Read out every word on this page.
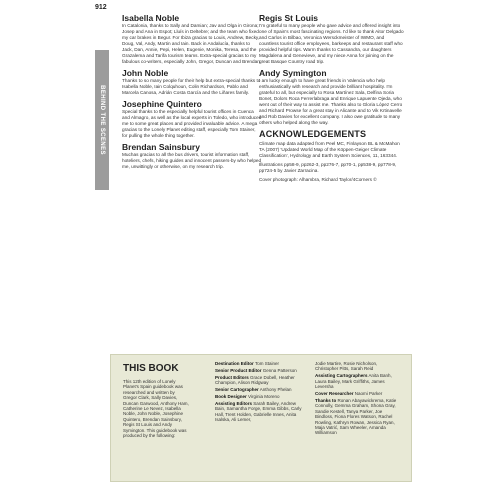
912
BEHIND THE SCENES
Isabella Noble

In Catalonia, thanks to Sally and Damian; Jav and Olga in Girona; Josep and Ana in Espot; Lluís in Deltebre; and the team who fixed my car brakes in Begur. For Ibiza gracias to Louis, Andrew, Becky, Doug, Val, Andy, Martin and Iain. Back in Andalucía, thanks to Jack, Dan, Annie, Pepi, Helen, Eugenie, Monika, Teresa, and the Grazalema and Tarifa tourism teams. Extra-special gracias to my fabulous co-writers, especially John, Gregor, Duncan and Brendan.

John Noble

Thanks to so many people for their help but extra-special thanks to Isabella Noble, Iain Colquhoun, Colin Richardson, Pablo and Marcela Canosa, Adrián Costa García and the Liñares family.

Josephine Quintero

Special thanks to the especially helpful tourist offices in Cuenca and Almagro, as well as the local experts in Toledo, who introduced me to some great places and provided invaluable advice. A mega gracias to the Lonely Planet editing staff, especially Tom Stainer, for pulling the whole thing together.

Brendan Sainsbury

Muchas gracias to all the bus drivers, tourist information staff, hoteliers, chefs, hiking guides and innocent passers-by who helped me, unwittingly or otherwise, on my research trip.

Regis St Louis

I'm grateful to many people who gave advice and offered insight into one of Spain's most fascinating regions. I'd like to thank Aitor Delgado and Carlos in Bilbao, Veronica Wersckmeister of IWMO, and countless tourist office employees, barkeeps and restaurant staff who provided helpful tips. Warm thanks to Cassandra, our daughters Magdalena and Genevieve, and my niece Anna for joining on the great Basque Country road trip.

Andy Symington

I am lucky enough to have great friends in Valencia who help enthusiastically with research and provide brilliant hospitality. I'm grateful to all, but especially to Rosa Martínez Sala, Delfina Soria Bonet, Dolors Roca Ferrerlabraga and Enrique Lapuente Ojeda, who went out of their way to assist me. Thanks also to Gloria López Cerro and Richard Prowse for a great stay in Alicante and to Vik Krtinavelle and Rob Davies for excellent company. I also owe gratitude to many others who helped along the way.

ACKNOWLEDGEMENTS

Climate map data adapted from Peel MC, Finlayson BL & McMahon TA (2007) 'Updated World Map of the Köppen-Geiger Climate Classification', Hydrology and Earth System Sciences, 11, 163344.

Illustrations pp58-9, pp262-3, pp276-7, pp70-1, pp538-9, pp778-9, pp724-5 by Javier Zarracina.

Cover photograph: Alhambra, Richard Taylor/4Corners ©

THIS BOOK
This 12th edition of Lonely Planet's Spain guidebook was researched and written by Gregor Clark, Sally Davies, Duncan Garwood, Anthony Ham, Catherine Le Nevez, Isabella Noble, John Noble, Josephine Quintero, Brendan Sainsbury, Regis St Louis and Andy Symington. This guidebook was produced by the following:
Destination Editor Tom Stainer
Senior Product Editor Genna Patterson
Product Editors Grace Dobell, Heather Champion, Alison Ridgway
Senior Cartographer Anthony Phelan
Book Designer Virginia Moreno
Assisting Editors Sarah Bailey, Andrew Bain, Samantha Forge, Emma Gibbs, Carly Hall, Trent Holden, Gabrielle Innes, Anita Isalska, Ali Lemer,
Jodie Martire, Rosie Nicholson, Christopher Pitts, Sarah Reid
Assisting Cartographers Anita Banh, Laura Bailey, Mark Griffiths, James Leversha
Cover Researcher Naomi Parker
Thanks to Ronan Abayawickrema, Katie Connolly, Gemma Graham, Shona Gray, Sandie Kestell, Tanya Parker, Joe Bindloss, Fiona Flores Watson, Rachel Rowling, Kathryn Rowan, Jessica Ryan, Maja Vatrić, Sam Wheeler, Amanda Williamson
